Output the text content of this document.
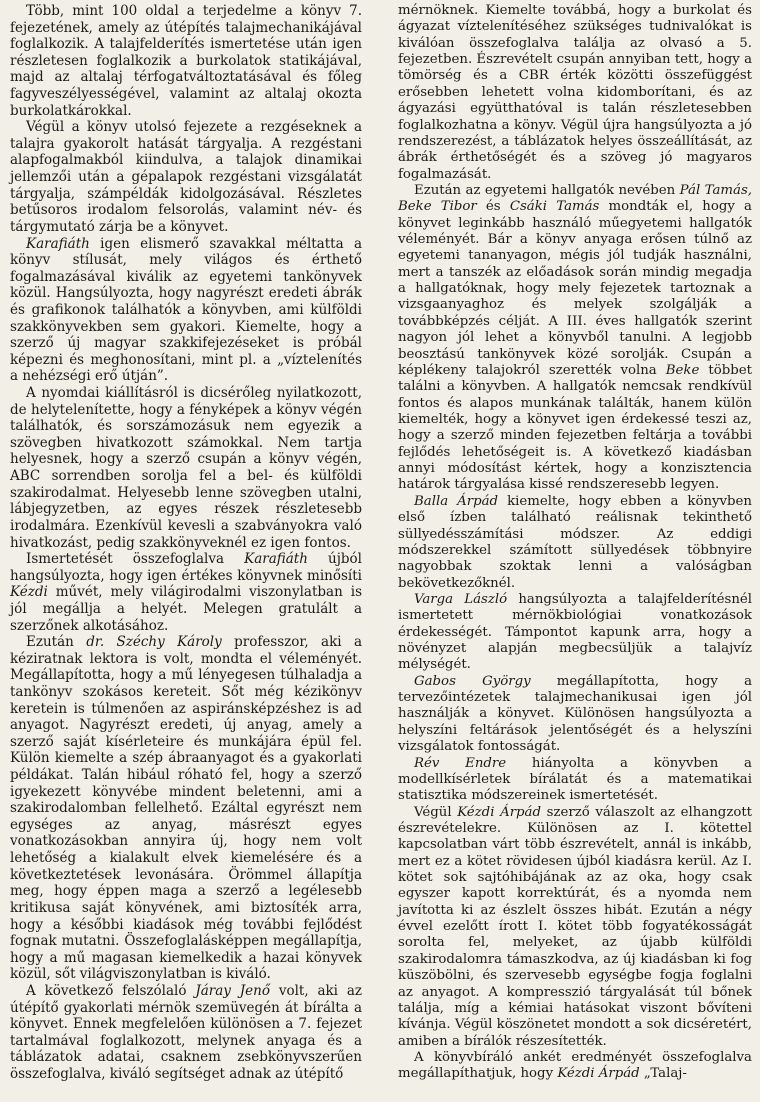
Több, mint 100 oldal a terjedelme a könyv 7. fejezetének, amely az útépítés talajmechanikájával foglalkozik. A talajfelderítés ismertetése után igen részletesen foglalkozik a burkolatok statikájával, majd az altalaj térfogatváltoztatásával és főleg fagyveszélyességével, valamint az altalaj okozta burkolatkárokkal.

Végül a könyv utolsó fejezete a rezgéseknek a talajra gyakorolt hatását tárgyalja. A rezgéstani alapfogalmakból kiindulva, a talajok dinamikai jellemzői után a gépalapok rezgéstani vizsgálatát tárgyalja, számpéldák kidolgozásával. Részletes betűsoros irodalom felsorolás, valamint név- és tárgymutató zárja be a könyvet.

Karafiáth igen elismerő szavakkal méltatta a könyv stílusát, mely világos és érthető fogalmazásával kiválik az egyetemi tankönyvek közül. Hangsúlyozta, hogy nagyrészt eredeti ábrák és grafikonok találhatók a könyvben, ami külföldi szakkönyvekben sem gyakori. Kiemelte, hogy a szerző új magyar szakkifejezéseket is próbál képezni és meghonosítani, mint pl. a „víztelenítés a nehézségi erő útján”.

A nyomdai kiállításról is dicsérőleg nyilatkozott, de helytelenítette, hogy a fényképek a könyv végén találhatók, és sorszámozásuk nem egyezik a szövegben hivatkozott számokkal. Nem tartja helyesnek, hogy a szerző csupán a könyv végén, ABC sorrendben sorolja fel a bel- és külföldi szakirodalmat. Helyesebb lenne szövegben utalni, lábjegyzetben, az egyes részek részletesebb irodalmára. Ezenkívül kevesli a szabványokra való hivatkozást, pedig szakkönyveknél ez igen fontos.

Ismertetését összefoglalva Karafiáth újból hangsúlyozta, hogy igen értékes könyvnek minősíti Kézdi művét, mely világirodalmi viszonylatban is jól megállja a helyét. Melegen gratulált a szerzőnek alkotásához.

Ezután dr. Széchy Károly professzor, aki a kéziratnak lektora is volt, mondta el véleményét. Megállapította, hogy a mű lényegesen túlhaladja a tankönyv szokásos kereteit. Sőt még kézikönyv keretein is túlmenően az aspiránsképzéshez is ad anyagot. Nagyrészt eredeti, új anyag, amely a szerző saját kísérleteire és munkájára épül fel. Külön kiemelte a szép ábraanyagot és a gyakorlati példákat. Talán hibául róható fel, hogy a szerző igyekezett könyvébe mindent beletenni, ami a szakirodalomban fellelhető. Ezáltal egyrészt nem egységes az anyag, másrészt egyes vonatkozásokban annyira új, hogy nem volt lehetőség a kialakult elvek kiemelésére és a következtetések levonására. Örömmel állapítja meg, hogy éppen maga a szerző a legélesebb kritikusa saját könyvének, ami biztosíték arra, hogy a későbbi kiadások még további fejlődést fognak mutatni. Összefoglalásképpen megállapítja, hogy a mű magasan kiemelkedik a hazai könyvek közül, sőt világviszonylatban is kiváló.

A következő felszólaló Járay Jenő volt, aki az útépítő gyakorlati mérnök szemüvegén át bírálta a könyvet. Ennek megfelelően különösen a 7. fejezet tartalmával foglalkozott, melynek anyaga és a táblázatok adatai, csaknem zsebkönyvszerűen összefoglalva, kiváló segítséget adnak az útépítő

mérnöknek. Kiemelte továbbá, hogy a burkolat és ágyazat víztelenítéséhez szükséges tudnivalókat is kiválóan összefoglalva találja az olvasó a 5. fejezetben. Észrevételt csupán annyiban tett, hogy a tömörség és a CBR érték közötti összefüggést erősebben lehetett volna kidomborítani, és az ágyazási együtthatóval is talán részletesebben foglalkozhatna a könyv. Végül újra hangsúlyozta a jó rendszerezést, a táblázatok helyes összeállítását, az ábrák érthetőségét és a szöveg jó magyaros fogalmazását.

Ezután az egyetemi hallgatók nevében Pál Tamás, Beke Tibor és Csáki Tamás mondták el, hogy a könyvet leginkább használó műegyetemi hallgatók véleményét. Bár a könyv anyaga erősen túlnő az egyetemi tananyagon, mégis jól tudják használni, mert a tanszék az előadások során mindig megadja a hallgatóknak, hogy mely fejezetek tartoznak a vizsgaanyaghoz és melyek szolgálják a továbbképzés célját. A III. éves hallgatók szerint nagyon jól lehet a könyvből tanulni. A legjobb beosztású tankönyvek közé sorolják. Csupán a képlékeny talajokról szerették volna Beke többet találni a könyvben. A hallgatók nemcsak rendkívül fontos és alapos munkának találták, hanem külön kiemelték, hogy a könyvet igen érdekessé teszi az, hogy a szerző minden fejezetben feltárja a további fejlődés lehetőségeit is. A következő kiadásban annyi módosítást kértek, hogy a konzisztencia határok tárgyalása kissé rendszeresebb legyen.

Balla Árpád kiemelte, hogy ebben a könyvben első ízben található reálisnak tekinthető süllyedésszámítási módszer. Az eddigi módszerekkel számított süllyedések többnyire nagyobbak szoktak lenni a valóságban bekövetkezőknél.

Varga László hangsúlyozta a talajfelderítésnél ismertetett mérnökbiológiai vonatkozások érdekességét. Támpontot kapunk arra, hogy a növényzet alapján megbecsüljük a talajvíz mélységét.

Gabos György megállapította, hogy a tervezőintézetek talajmechanikusai igen jól használják a könyvet. Különösen hangsúlyozta a helyszíni feltárások jelentőségét és a helyszíni vizsgálatok fontosságát.

Rév Endre hiányolta a könyvben a modellkísérletek bírálatát és a matematikai statisztika módszereinek ismertetését.

Végül Kézdi Árpád szerző válaszolt az elhangzott észrevételekre. Különösen az I. kötettel kapcsolatban várt több észrevételt, annál is inkább, mert ez a kötet rövidesen újból kiadásra kerül. Az I. kötet sok sajtóhibájának az az oka, hogy csak egyszer kapott korrektúrát, és a nyomda nem javította ki az észlelt összes hibát. Ezután a négy évvel ezelőtt írott I. kötet több fogyatékosságát sorolta fel, melyeket, az újabb külföldi szakirodalomra támaszkodva, az új kiadásban ki fog küszöbölni, és szervesebb egységbe fogja foglalni az anyagot. A kompresszió tárgyalását túl bőnek találja, míg a kémiai hatásokat viszont bővíteni kívánja. Végül köszönetet mondott a sok dicséretért, amiben a bírálók részesítették.

A könyvbíráló ankét eredményét összefoglalva megállapíthatjuk, hogy Kézdi Árpád „Talaj-
